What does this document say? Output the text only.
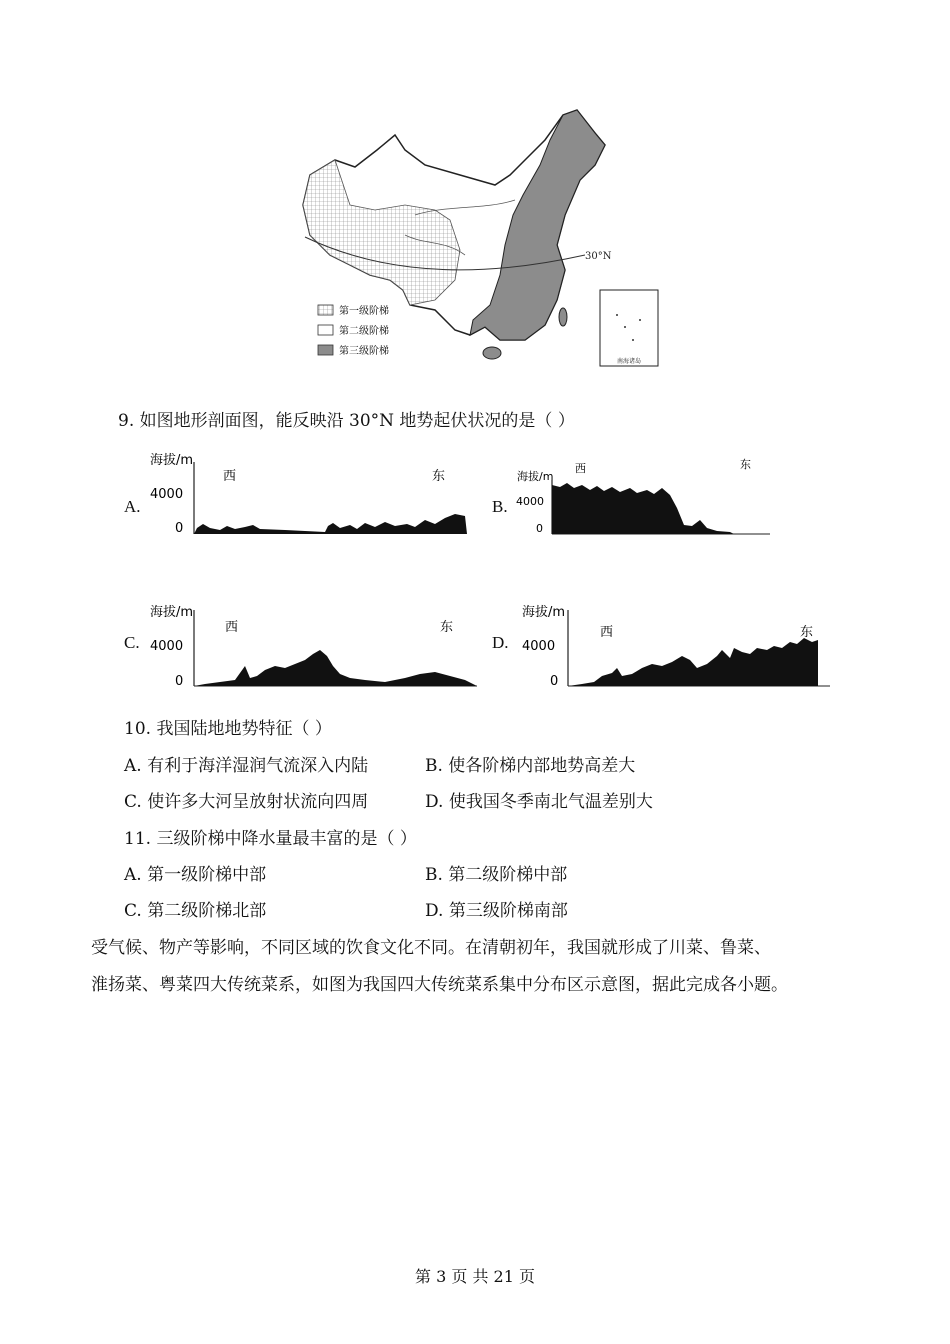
30°N
第一级阶梯
第二级阶梯
第三级阶梯
南海诸岛
9. 如图地形剖面图，能反映沿 30°N 地势起伏状况的是（ ）
A.
海拔/m
4000
0
西	东
B.
海拔/m
4000
0
西	东
C.
海拔/m
4000
0
西	东
D.
海拔/m
4000
0
西	东
10. 我国陆地地势特征（ ）
A. 有利于海洋湿润气流深入内陆	B. 使各阶梯内部地势高差大
C. 使许多大河呈放射状流向四周	D. 使我国冬季南北气温差别大
11. 三级阶梯中降水量最丰富的是（ ）
A. 第一级阶梯中部	B. 第二级阶梯中部
C. 第二级阶梯北部	D. 第三级阶梯南部
受气候、物产等影响，不同区域的饮食文化不同。在清朝初年，我国就形成了川菜、鲁菜、
淮扬菜、粤菜四大传统菜系，如图为我国四大传统菜系集中分布区示意图，据此完成各小题。
第 3 页 共 21 页
